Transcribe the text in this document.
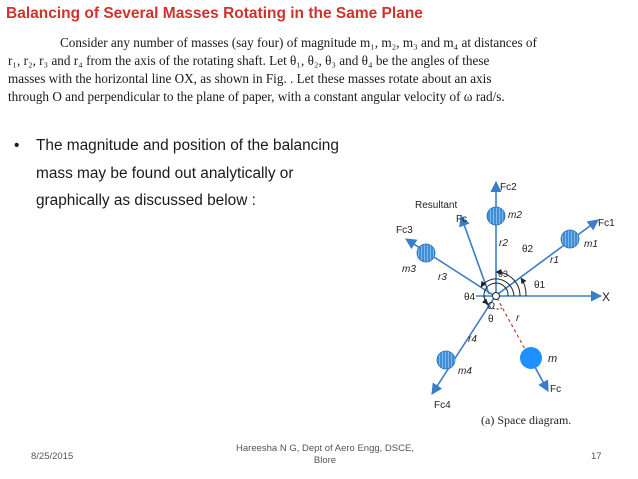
Balancing of Several Masses Rotating in the Same Plane
Consider any number of masses (say four) of magnitude m₁, m₂, m₃ and m₄ at distances of
r₁, r₂, r₃ and r₄ from the axis of the rotating shaft. Let θ₁, θ₂, θ₃ and θ₄ be the angles of these
masses with the horizontal line OX, as shown in Fig. . Let these masses rotate about an axis
through O and perpendicular to the plane of paper, with a constant angular velocity of ω rad/s.
• The magnitude and position of the balancing
mass may be found out analytically or
graphically as discussed below :
X
Fc2
m2
r2
Resultant
Fc	Fc1
m1
r1
Fc3
m3
r3
Fc4
m4
r4
r
m
Fc
θ1
θ2
θ3
θ4
θ
O
(a) Space diagram.
8/25/2015
Hareesha N G, Dept of Aero Engg, DSCE,
Blore	17
